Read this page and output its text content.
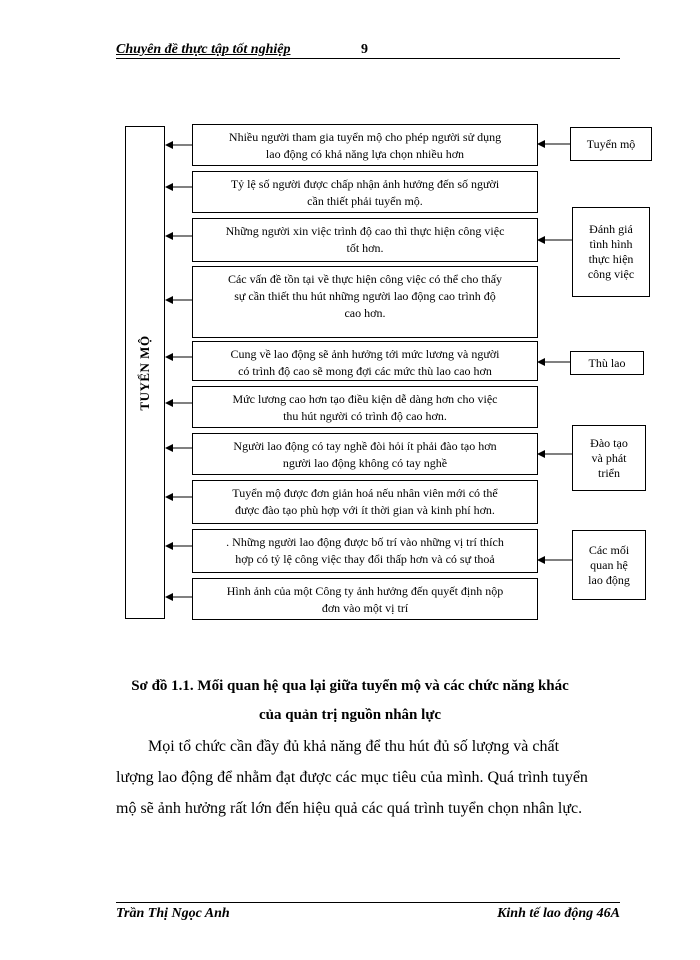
Chuyên đề thực tập tốt nghiệp	9
TUYỂN MỘ
Nhiều người tham gia tuyển mộ cho phép người sử dụng
lao động có khả năng lựa chọn nhiều hơn
Tỷ lệ số người được chấp nhận ảnh hưởng đến số người
cần thiết phải tuyển mộ.
Những người xin việc trình độ cao thì thực hiện công việc
tốt hơn.
Các vấn đề tồn tại về thực hiện công việc có thể cho thấy
sự cần thiết thu hút những người lao động cao trình độ
cao hơn.
Cung về lao động sẽ ảnh hưởng tới mức lương và người
có trình độ cao sẽ mong đợi các mức thù lao cao hơn
Mức lương cao hơn tạo điều kiện dễ dàng hơn cho việc
thu hút người có trình độ cao hơn.
Người lao động có tay nghề đòi hỏi ít phải đào tạo hơn
người lao động không có tay nghề
Tuyển mộ được đơn giản hoá nếu nhân viên mới có thể
được đào tạo phù hợp với ít thời gian và kinh phí hơn.
. Những người lao động được bố trí vào những vị trí thích
hợp có tỷ lệ công việc thay đổi thấp hơn và có sự thoả
Hình ảnh của một Công ty ảnh hưởng đến quyết định nộp
đơn vào một vị trí
Tuyển mộ
Đánh giá
tình hình
thực hiện
công việc
Thù lao
Đào tạo
và phát
triển
Các mối
quan hệ
lao động
Sơ đồ 1.1. Mối quan hệ qua lại giữa tuyển mộ và các chức năng khác
của quản trị nguồn nhân lực
Mọi tổ chức cần đầy đủ khả năng để thu hút đủ số lượng và chất
lượng lao động để nhằm đạt được các mục tiêu của mình. Quá trình tuyển
mộ sẽ ảnh hưởng rất lớn đến hiệu quả các quá trình tuyển chọn nhân lực.
Trần Thị Ngọc Anh	Kinh tế lao động 46A
